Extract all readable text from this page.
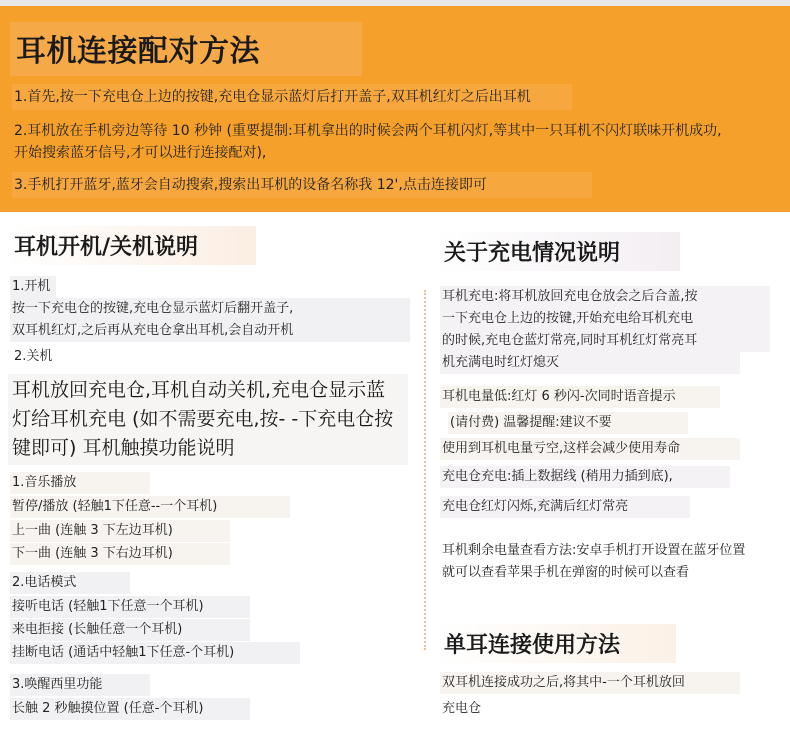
耳机连接配对方法
1.首先,按一下充电仓上边的按键,充电仓显示蓝灯后打开盖子,双耳机红灯之后出耳机
2.耳机放在手机旁边等待 10 秒钟 (重要提制:耳机拿出的时候会两个耳机闪灯,等其中一只耳机不闪灯联味开机成功,开始搜索蓝牙信号,才可以进行连接配对),
3.手机打开蓝牙,蓝牙会自动搜索,搜索出耳机的设备名称我 12',点击连接即可
耳机开机/关机说明
1.开机
按一下充电仓的按键,充电仓显示蓝灯后翻开盖子,
双耳机红灯,之后再从充电仓拿出耳机,会自动开机
2.关机
耳机放回充电仓,耳机自动关机,充电仓显示蓝灯给耳机充电 (如不需要充电,按- -下充电仓按键即可) 耳机触摸功能说明
1.音乐播放
暂停/播放 (轻触1下任意--一个耳机)
上一曲 (连触 3 下左边耳机)
下一曲 (连触 3 下右边耳机)
2.电话模式
接听电话 (轻触1下任意一个耳机)
来电拒接 (长触任意一个耳机)
挂断电话 (通话中轻触1下任意-个耳机)
3.唤醒西里功能
长触 2 秒触摸位置 (任意-个耳机)
关于充电情况说明
耳机充电:将耳机放回充电仓放会之后合盖,按
一下充电仓上边的按键,开始充电给耳机充电
的时候,充电仓蓝灯常亮,同时耳机红灯常亮耳
机充满电时红灯熄灭
耳机电量低:红灯 6 秒闪-次同时语音提示
(请付费) 温馨提醒:建议不要
使用到耳机电量亏空,这样会减少使用寿命
充电仓充电:插上数据线 (稍用力插到底),
充电仓红灯闪烁,充满后红灯常亮
耳机剩余电量查看方法:安卓手机打开设置在蓝牙位置
就可以查看苹果手机在弹窗的时候可以查看
单耳连接使用方法
双耳机连接成功之后,将其中-一个耳机放回
充电仓
